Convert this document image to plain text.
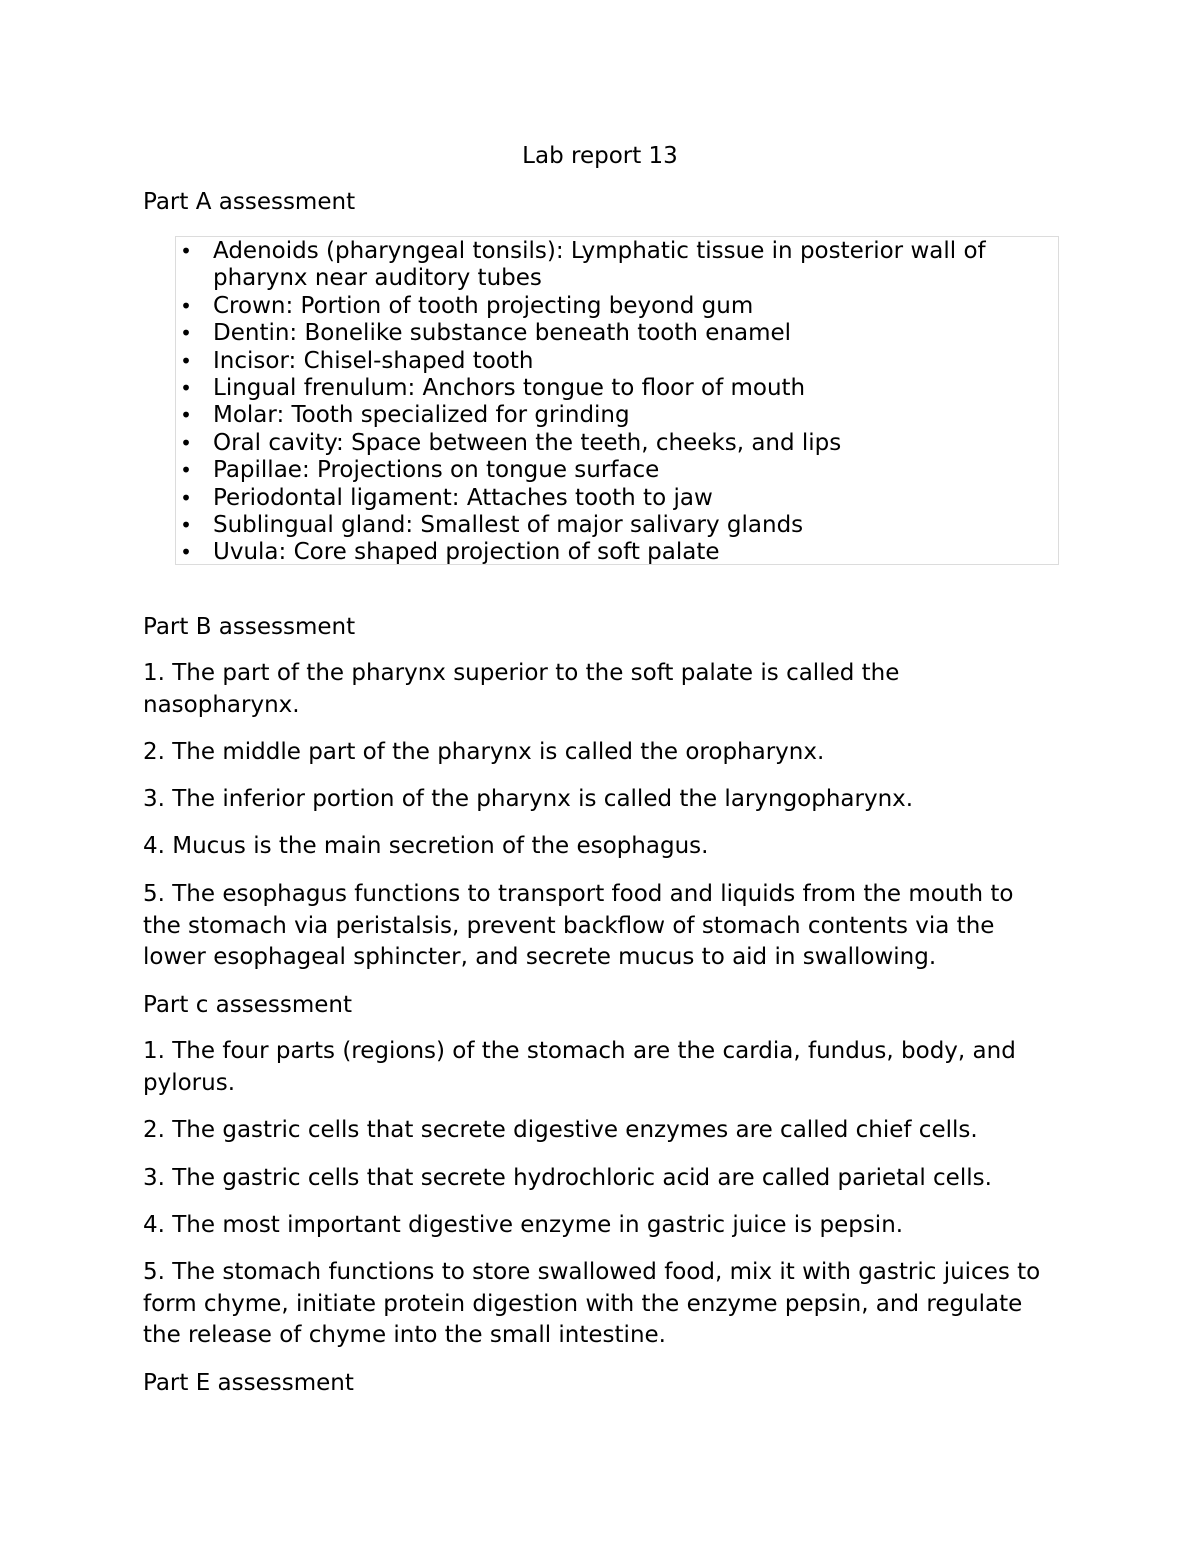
Lab report 13
Part A assessment
• Adenoids (pharyngeal tonsils): Lymphatic tissue in posterior wall of pharynx near auditory tubes
• Crown: Portion of tooth projecting beyond gum
• Dentin: Bonelike substance beneath tooth enamel
• Incisor: Chisel-shaped tooth
• Lingual frenulum: Anchors tongue to floor of mouth
• Molar: Tooth specialized for grinding
• Oral cavity: Space between the teeth, cheeks, and lips
• Papillae: Projections on tongue surface
• Periodontal ligament: Attaches tooth to jaw
• Sublingual gland: Smallest of major salivary glands
• Uvula: Core shaped projection of soft palate
Part B assessment
1. The part of the pharynx superior to the soft palate is called the nasopharynx.
2. The middle part of the pharynx is called the oropharynx.
3. The inferior portion of the pharynx is called the laryngopharynx.
4. Mucus is the main secretion of the esophagus.
5. The esophagus functions to transport food and liquids from the mouth to the stomach via peristalsis, prevent backflow of stomach contents via the lower esophageal sphincter, and secrete mucus to aid in swallowing.
Part c assessment
1. The four parts (regions) of the stomach are the cardia, fundus, body, and pylorus.
2. The gastric cells that secrete digestive enzymes are called chief cells.
3. The gastric cells that secrete hydrochloric acid are called parietal cells.
4. The most important digestive enzyme in gastric juice is pepsin.
5. The stomach functions to store swallowed food, mix it with gastric juices to form chyme, initiate protein digestion with the enzyme pepsin, and regulate the release of chyme into the small intestine.
Part E assessment
